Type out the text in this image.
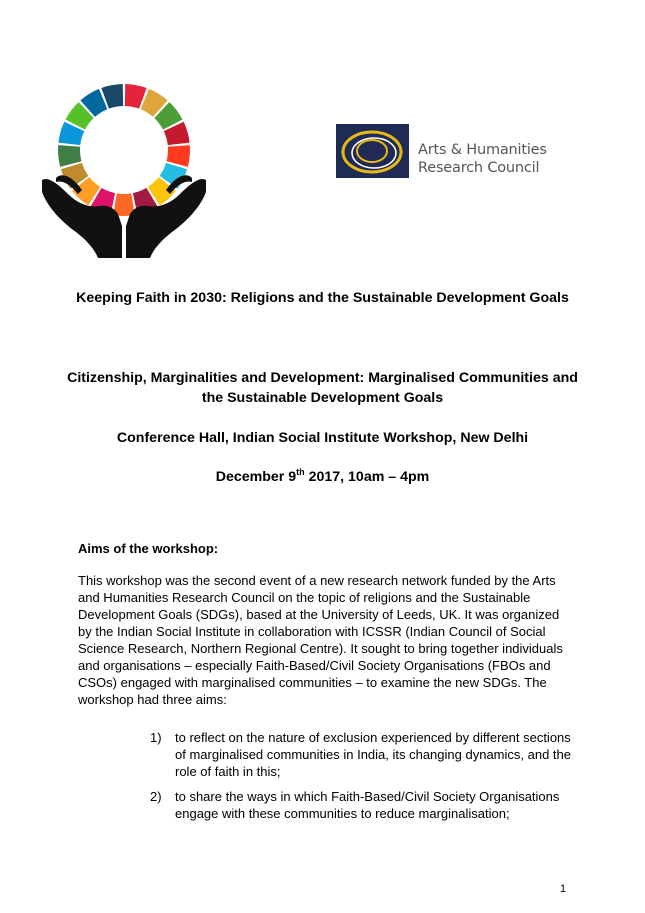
Arts & Humanities
Research Council
Keeping Faith in 2030: Religions and the Sustainable Development Goals
Citizenship, Marginalities and Development: Marginalised Communities and the Sustainable Development Goals
Conference Hall, Indian Social Institute Workshop, New Delhi
December 9th 2017, 10am – 4pm
Aims of the workshop:
This workshop was the second event of a new research network funded by the Arts
and Humanities Research Council on the topic of religions and the Sustainable
Development Goals (SDGs), based at the University of Leeds, UK. It was organized
by the Indian Social Institute in collaboration with ICSSR (Indian Council of Social
Science Research, Northern Regional Centre). It sought to bring together individuals
and organisations – especially Faith-Based/Civil Society Organisations (FBOs and
CSOs) engaged with marginalised communities – to examine the new SDGs. The
workshop had three aims:
1) to reflect on the nature of exclusion experienced by different sections
of marginalised communities in India, its changing dynamics, and the
role of faith in this;
2) to share the ways in which Faith-Based/Civil Society Organisations
engage with these communities to reduce marginalisation;
1
